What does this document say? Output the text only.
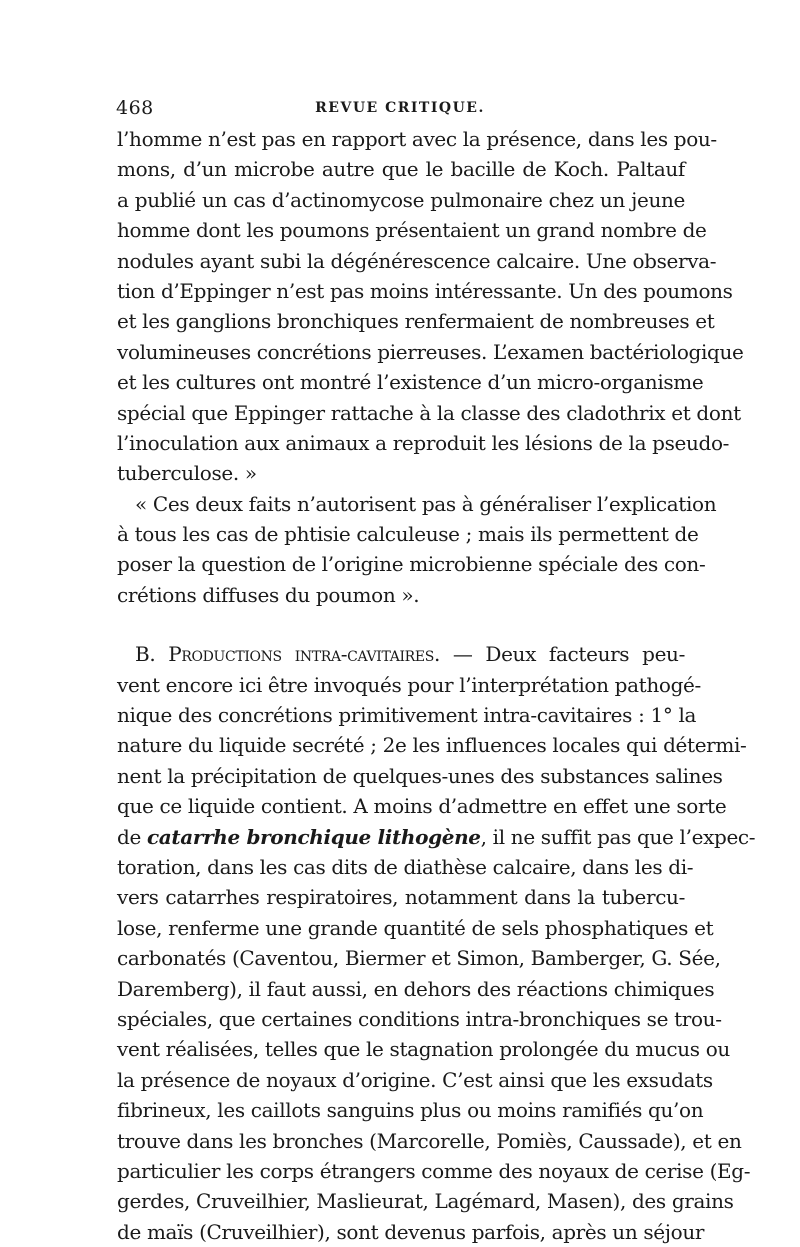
468	REVUE CRITIQUE.
l’homme n’est pas en rapport avec la présence, dans les pou-
mons, d’un microbe autre que le bacille de Koch. Paltauf
a publié un cas d’actinomycose pulmonaire chez un jeune
homme dont les poumons présentaient un grand nombre de
nodules ayant subi la dégénérescence calcaire. Une observa-
tion d’Eppinger n’est pas moins intéressante. Un des poumons
et les ganglions bronchiques renfermaient de nombreuses et
volumineuses concrétions pierreuses. L’examen bactériologique
et les cultures ont montré l’existence d’un micro-organisme
spécial que Eppinger rattache à la classe des cladothrix et dont
l’inoculation aux animaux a reproduit les lésions de la pseudo-
tuberculose. »
« Ces deux faits n’autorisent pas à généraliser l’explication
à tous les cas de phtisie calculeuse ; mais ils permettent de
poser la question de l’origine microbienne spéciale des con-
crétions diffuses du poumon ».
B. Productions intra-cavitaires. — Deux facteurs peu-
vent encore ici être invoqués pour l’interprétation pathogé-
nique des concrétions primitivement intra-cavitaires : 1° la
nature du liquide secrété ; 2e les influences locales qui détermi-
nent la précipitation de quelques-unes des substances salines
que ce liquide contient. A moins d’admettre en effet une sorte
de catarrhe bronchique lithogène, il ne suffit pas que l’expec-
toration, dans les cas dits de diathèse calcaire, dans les di-
vers catarrhes respiratoires, notamment dans la tubercu-
lose, renferme une grande quantité de sels phosphatiques et
carbonatés (Caventou, Biermer et Simon, Bamberger, G. Sée,
Daremberg), il faut aussi, en dehors des réactions chimiques
spéciales, que certaines conditions intra-bronchiques se trou-
vent réalisées, telles que le stagnation prolongée du mucus ou
la présence de noyaux d’origine. C’est ainsi que les exsudats
fibrineux, les caillots sanguins plus ou moins ramifiés qu’on
trouve dans les bronches (Marcorelle, Pomiès, Caussade), et en
particulier les corps étrangers comme des noyaux de cerise (Eg-
gerdes, Cruveilhier, Maslieurat, Lagémard, Masen), des grains
de maïs (Cruveilhier), sont devenus parfois, après un séjour
